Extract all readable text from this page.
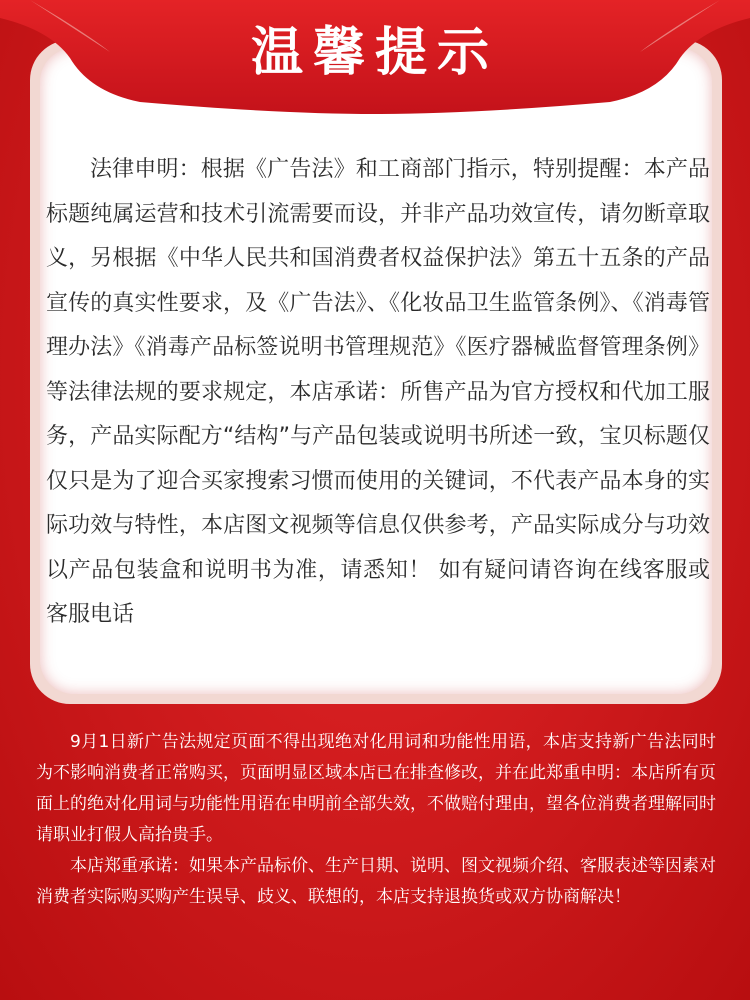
温馨提示

法律申明：根据《广告法》和工商部门指示，特别提醒：本产品标题纯属运营和技术引流需要而设，并非产品功效宣传，请勿断章取义，另根据《中华人民共和国消费者权益保护法》第五十五条的产品宣传的真实性要求，及《广告法》、《化妆品卫生监管条例》、《消毒管理办法》《消毒产品标签说明书管理规范》《医疗器械监督管理条例》等法律法规的要求规定，本店承诺：所售产品为官方授权和代加工服务，产品实际配方“结构”与产品包装或说明书所述一致，宝贝标题仅仅只是为了迎合买家搜索习惯而使用的关键词，不代表产品本身的实际功效与特性，本店图文视频等信息仅供参考，产品实际成分与功效以产品包装盒和说明书为准，请悉知！ 如有疑问请咨询在线客服或客服电话

9月1日新广告法规定页面不得出现绝对化用词和功能性用语，本店支持新广告法同时为不影响消费者正常购买，页面明显区域本店已在排查修改，并在此郑重申明：本店所有页面上的绝对化用词与功能性用语在申明前全部失效，不做赔付理由，望各位消费者理解同时请职业打假人高抬贵手。

本店郑重承诺：如果本产品标价、生产日期、说明、图文视频介绍、客服表述等因素对消费者实际购买购产生误导、歧义、联想的，本店支持退换货或双方协商解决！
